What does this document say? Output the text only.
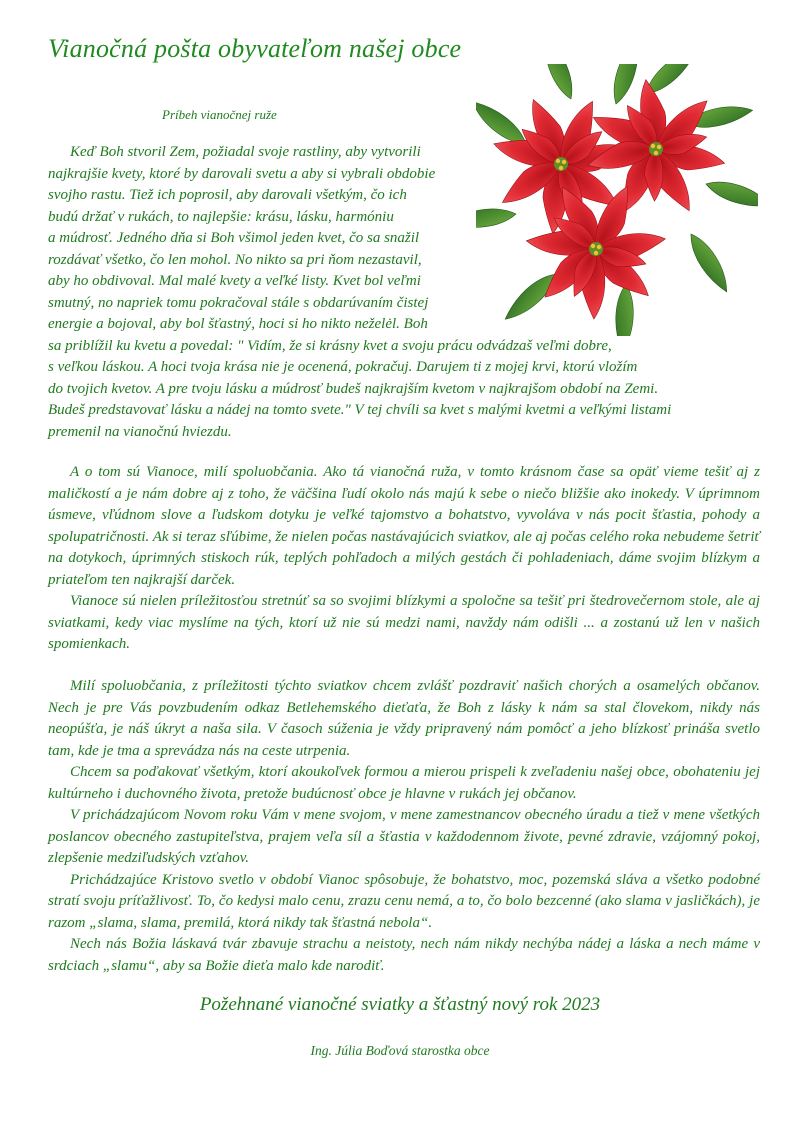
Vianočná pošta obyvateľom našej obce
Príbeh vianočnej ruže
Keď Boh stvoril Zem, požiadal svoje rastliny, aby vytvorili
najkrajšie kvety, ktoré by darovali svetu a aby si vybrali obdobie
svojho rastu. Tiež ich poprosil, aby darovali všetkým, čo ich
budú držať v rukách, to najlepšie: krásu, lásku, harmóniu
a múdrosť. Jedného dňa si Boh všimol jeden kvet, čo sa snažil
rozdávať všetko, čo len mohol. No nikto sa pri ňom nezastavil,
aby ho obdivoval. Mal malé kvety a veľké listy. Kvet bol veľmi
smutný, no napriek tomu pokračoval stále s obdarúvaním čistej
energie a bojoval, aby bol šťastný, hoci si ho nikto neželėl. Boh
sa priblížil ku kvetu a povedal: " Vidím, že si krásny kvet a svoju prácu odvádzaš veľmi dobre,
s veľkou láskou. A hoci tvoja krása nie je ocenená, pokračuj. Darujem ti z mojej krvi, ktorú vložím
do tvojich kvetov. A pre tvoju lásku a múdrosť budeš najkrajším kvetom v najkrajšom období na Zemi.
Budeš predstavovať lásku a nádej na tomto svete." V tej chvíli sa kvet s malými kvetmi a veľkými listami
premenil na vianočnú hviezdu.

A o tom sú Vianoce, milí spoluobčania. Ako tá vianočná ruža, v tomto krásnom čase sa opäť vieme tešiť aj z maličkostí a je nám dobre aj z toho, že väčšina ľudí okolo nás majú k sebe o niečo bližšie ako inokedy. V úprimnom úsmeve, vľúdnom slove a ľudskom dotyku je veľké tajomstvo a bohatstvo, vyvoláva v nás pocit šťastia, pohody a spolupatričnosti. Ak si teraz sľúbime, že nielen počas nastávajúcich sviatkov, ale aj počas celého roka nebudeme šetriť na dotykoch, úprimných stiskoch rúk, teplých pohľadoch a milých gestách či pohladeniach, dáme svojim blízkym a priateľom ten najkrajší darček.

Vianoce sú nielen príležitosťou stretnúť sa so svojimi blízkymi a spoločne sa tešiť pri štedrovečernom stole, ale aj sviatkami, kedy viac myslíme na tých, ktorí už nie sú medzi nami, navždy nám odišli ... a zostanú už len v našich spomienkach.

Milí spoluobčania, z príležitosti týchto sviatkov chcem zvlášť pozdraviť našich chorých a osamelých občanov. Nech je pre Vás povzbudením odkaz Betlehemského dieťaťa, že Boh z lásky k nám sa stal človekom, nikdy nás neopúšťa, je náš úkryt a naša sila. V časoch súženia je vždy pripravený nám pomôcť a jeho blízkosť prináša svetlo tam, kde je tma a sprevádza nás na ceste utrpenia.

Chcem sa poďakovať všetkým, ktorí akoukoľvek formou a mierou prispeli k zveľadeniu našej obce, obohateniu jej kultúrneho i duchovného života, pretože budúcnosť obce je hlavne v rukách jej občanov.

V prichádzajúcom Novom roku Vám v mene svojom, v mene zamestnancov obecného úradu a tiež v mene všetkých poslancov obecného zastupiteľstva, prajem veľa síl a šťastia v každodennom živote, pevné zdravie, vzájomný pokoj, zlepšenie medziľudských vzťahov.

Prichádzajúce Kristovo svetlo v období Vianoc spôsobuje, že bohatstvo, moc, pozemská sláva a všetko podobné stratí svoju príťažlivosť. To, čo kedysi malo cenu, zrazu cenu nemá, a to, čo bolo bezcenné (ako slama v jasličkách), je razom „slama, slama, premilá, ktorá nikdy tak šťastná nebola“.

Nech nás Božia láskavá tvár zbavuje strachu a neistoty, nech nám nikdy nechýba nádej a láska a nech máme v srdciach „slamu“, aby sa Božie dieťa malo kde narodiť.

Požehnané vianočné sviatky a šťastný nový rok 2023
Ing. Júlia Boďová starostka obce
